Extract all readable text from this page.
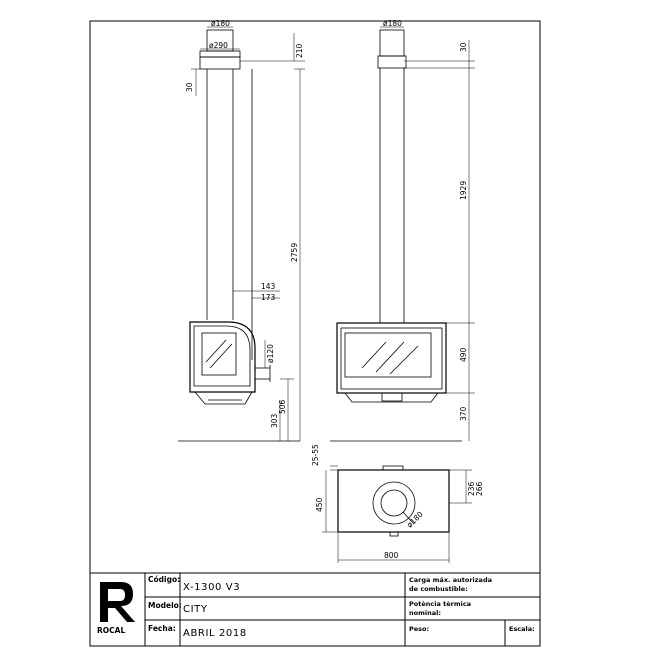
ø180
ø290	210
30
2759
143
173
ø120
506
303
ø180
30
1929
490
370
25-55
450
236 266
ø180
800
ROCAL
Código:
X-1300 V3
Modelo: CITY
Fecha: ABRIL 2018
Carga máx. autorizada
de combustible:
Potència tèrmica
nominal:
Peso:	Escala:
